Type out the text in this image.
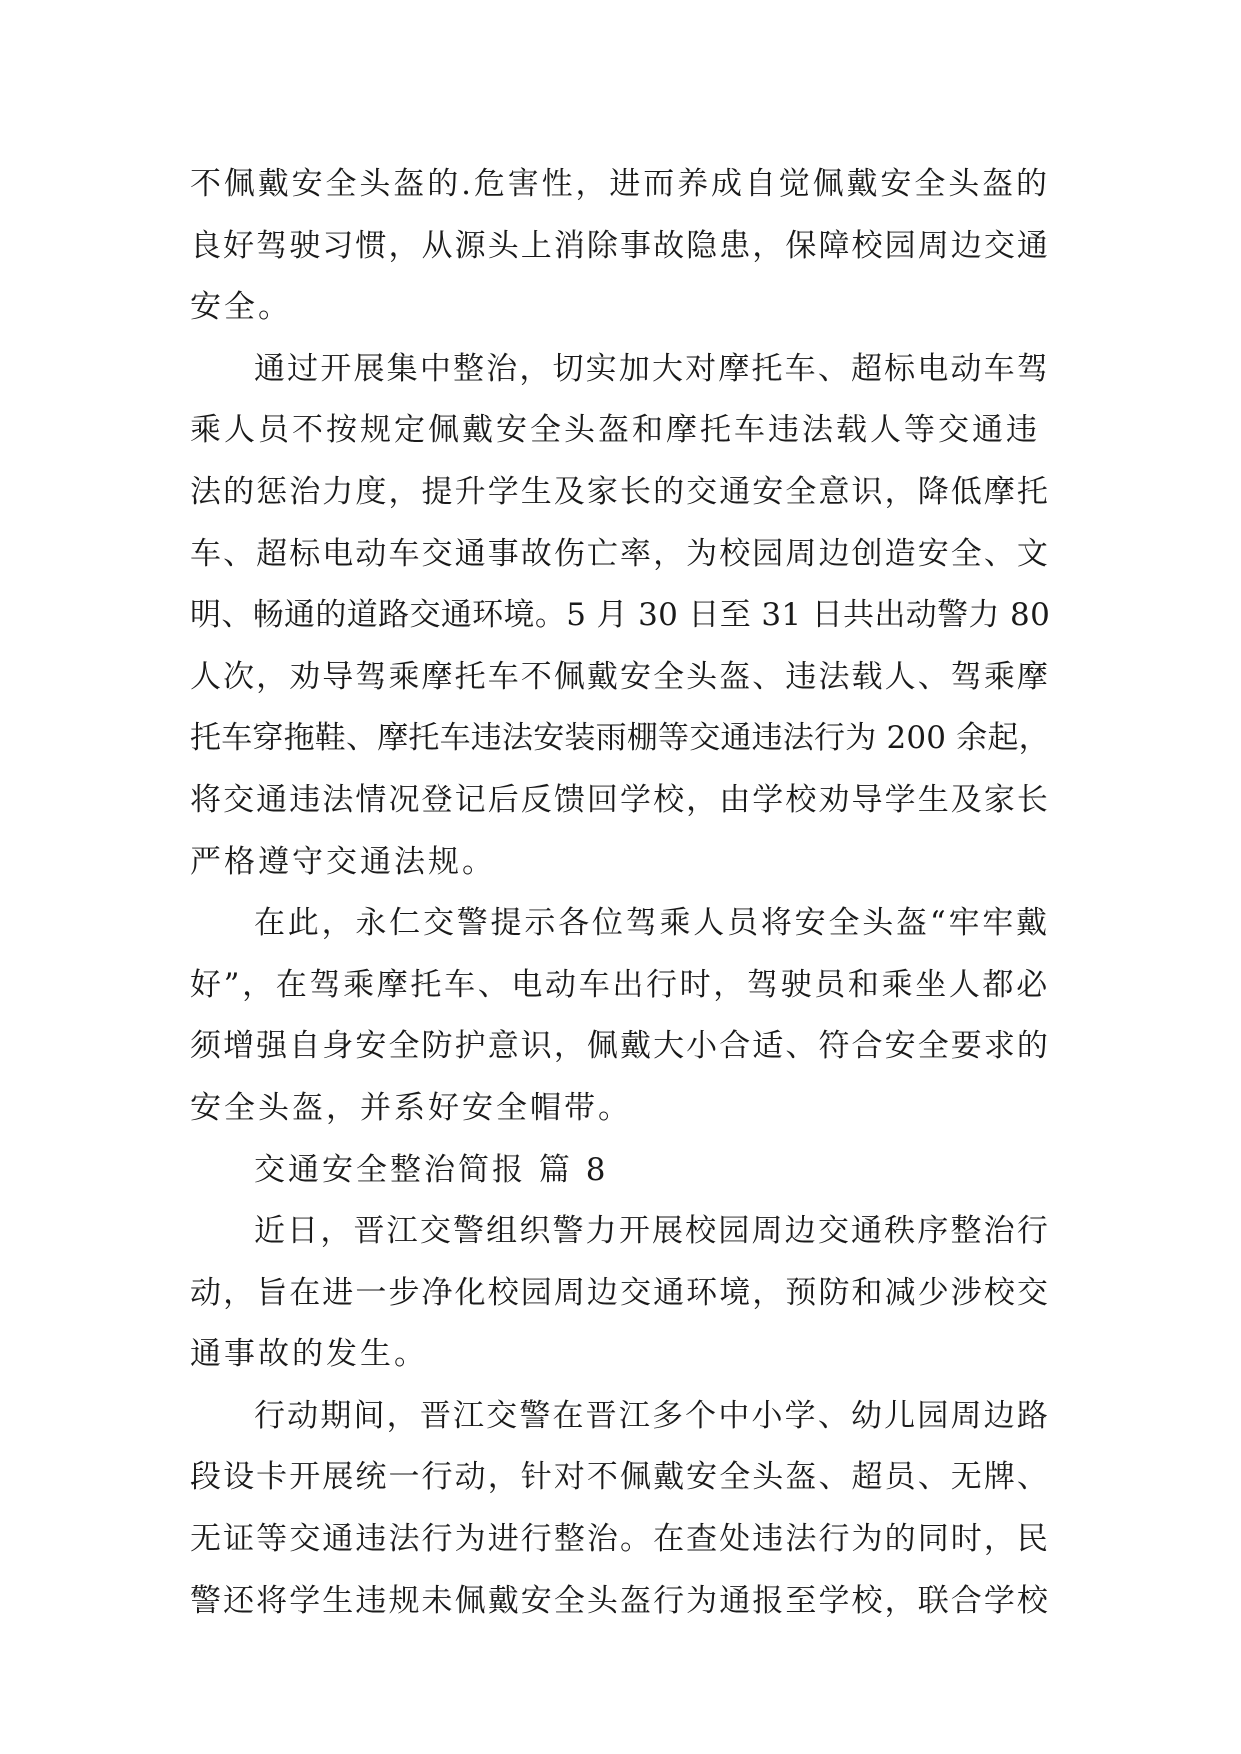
不佩戴安全头盔的.危害性，进而养成自觉佩戴安全头盔的
良好驾驶习惯，从源头上消除事故隐患，保障校园周边交通
安全。
通过开展集中整治，切实加大对摩托车、超标电动车驾
乘人员不按规定佩戴安全头盔和摩托车违法载人等交通违
法的惩治力度，提升学生及家长的交通安全意识，降低摩托
车、超标电动车交通事故伤亡率，为校园周边创造安全、文
明、畅通的道路交通环境。5 月 30 日至 31 日共出动警力 80
人次，劝导驾乘摩托车不佩戴安全头盔、违法载人、驾乘摩
托车穿拖鞋、摩托车违法安装雨棚等交通违法行为 200 余起，
将交通违法情况登记后反馈回学校，由学校劝导学生及家长
严格遵守交通法规。
在此，永仁交警提示各位驾乘人员将安全头盔“牢牢戴
好”，在驾乘摩托车、电动车出行时，驾驶员和乘坐人都必
须增强自身安全防护意识，佩戴大小合适、符合安全要求的
安全头盔，并系好安全帽带。
交通安全整治简报 篇 8
近日，晋江交警组织警力开展校园周边交通秩序整治行
动，旨在进一步净化校园周边交通环境，预防和减少涉校交
通事故的发生。
行动期间，晋江交警在晋江多个中小学、幼儿园周边路
段设卡开展统一行动，针对不佩戴安全头盔、超员、无牌、
无证等交通违法行为进行整治。在查处违法行为的同时，民
警还将学生违规未佩戴安全头盔行为通报至学校，联合学校
